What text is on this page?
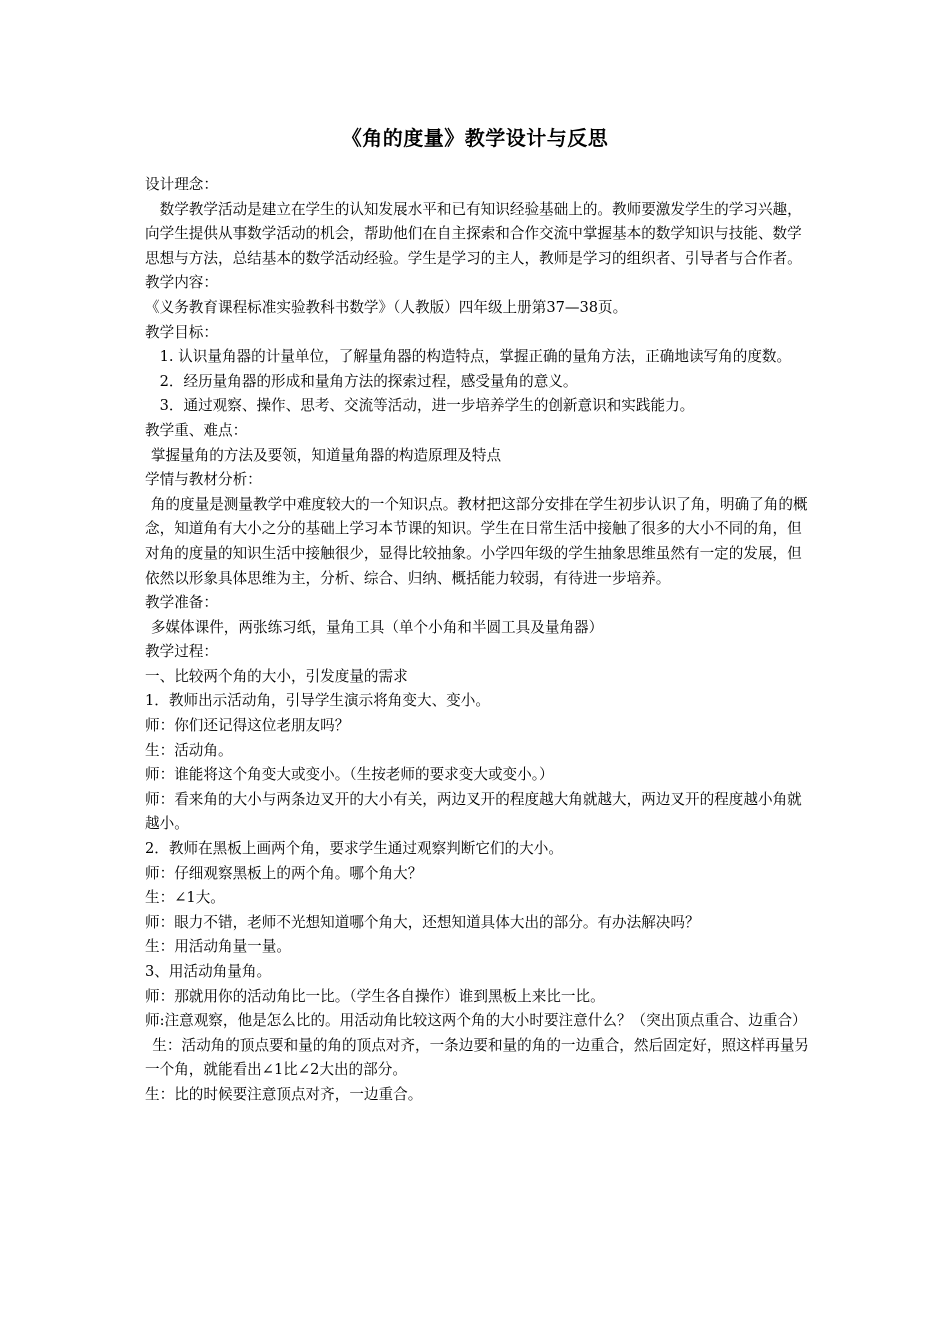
《角的度量》教学设计与反思

设计理念：

数学教学活动是建立在学生的认知发展水平和已有知识经验基础上的。教师要激发学生的学习兴趣，向学生提供从事数学活动的机会，帮助他们在自主探索和合作交流中掌握基本的数学知识与技能、数学思想与方法，总结基本的数学活动经验。学生是学习的主人，教师是学习的组织者、引导者与合作者。

教学内容：

《义务教育课程标准实验教科书数学》（人教版）四年级上册第37—38页。

教学目标：

1. 认识量角器的计量单位，了解量角器的构造特点，掌握正确的量角方法，正确地读写角的度数。

2．经历量角器的形成和量角方法的探索过程，感受量角的意义。

3．通过观察、操作、思考、交流等活动，进一步培养学生的创新意识和实践能力。

教学重、难点：

掌握量角的方法及要领，知道量角器的构造原理及特点

学情与教材分析：

角的度量是测量教学中难度较大的一个知识点。教材把这部分安排在学生初步认识了角，明确了角的概念，知道角有大小之分的基础上学习本节课的知识。学生在日常生活中接触了很多的大小不同的角，但对角的度量的知识生活中接触很少，显得比较抽象。小学四年级的学生抽象思维虽然有一定的发展，但依然以形象具体思维为主，分析、综合、归纳、概括能力较弱，有待进一步培养。

教学准备：

多媒体课件，两张练习纸，量角工具（单个小角和半圆工具及量角器）

教学过程：

一、比较两个角的大小，引发度量的需求

1．教师出示活动角，引导学生演示将角变大、变小。

师：你们还记得这位老朋友吗？

生：活动角。

师：谁能将这个角变大或变小。（生按老师的要求变大或变小。）

师：看来角的大小与两条边叉开的大小有关，两边叉开的程度越大角就越大，两边叉开的程度越小角就越小。

2．教师在黑板上画两个角，要求学生通过观察判断它们的大小。

师：仔细观察黑板上的两个角。哪个角大？

生：∠1大。

师：眼力不错，老师不光想知道哪个角大，还想知道具体大出的部分。有办法解决吗？

生：用活动角量一量。

3、用活动角量角。

师：那就用你的活动角比一比。（学生各自操作）谁到黑板上来比一比。

师:注意观察，他是怎么比的。用活动角比较这两个角的大小时要注意什么？（突出顶点重合、边重合）

生：活动角的顶点要和量的角的顶点对齐，一条边要和量的角的一边重合，然后固定好，照这样再量另一个角，就能看出∠1比∠2大出的部分。

生：比的时候要注意顶点对齐，一边重合。
